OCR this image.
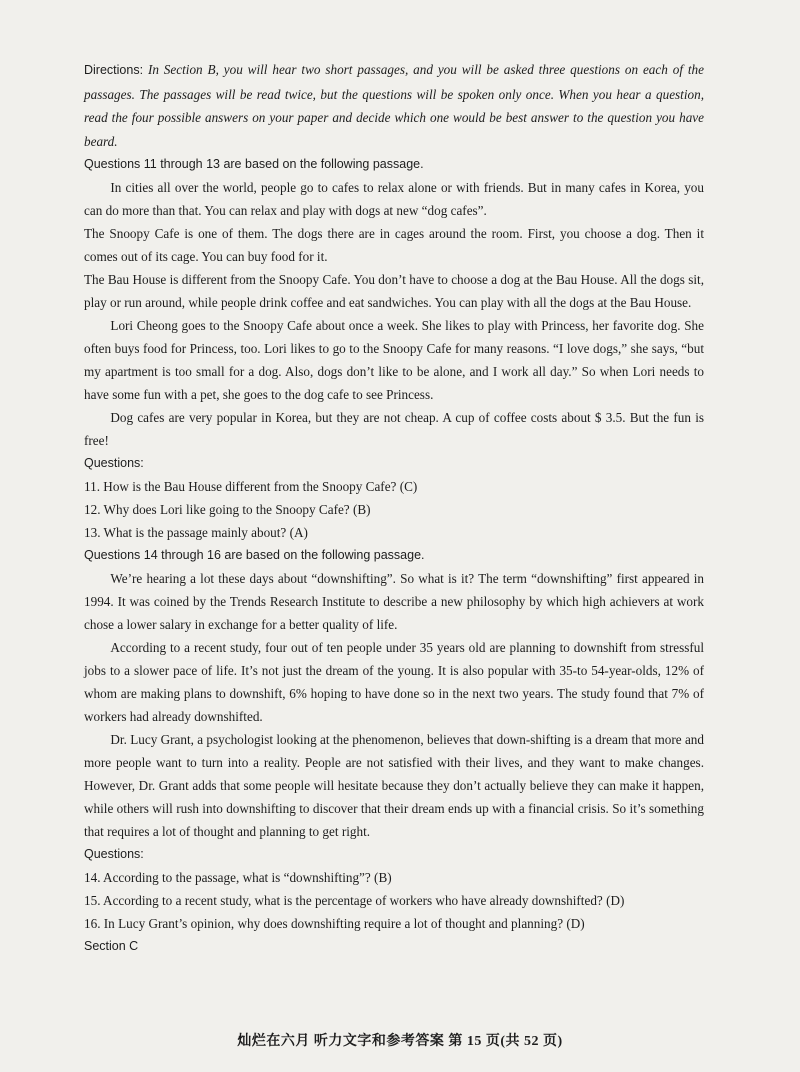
Directions: In Section B, you will hear two short passages, and you will be asked three questions on each of the passages. The passages will be read twice, but the questions will be spoken only once. When you hear a question, read the four possible answers on your paper and decide which one would be best answer to the question you have beard.

Questions 11 through 13 are based on the following passage.

In cities all over the world, people go to cafes to relax alone or with friends. But in many cafes in Korea, you can do more than that. You can relax and play with dogs at new “dog cafes”.

The Snoopy Cafe is one of them. The dogs there are in cages around the room. First, you choose a dog. Then it comes out of its cage. You can buy food for it.

The Bau House is different from the Snoopy Cafe. You don’t have to choose a dog at the Bau House. All the dogs sit, play or run around, while people drink coffee and eat sandwiches. You can play with all the dogs at the Bau House.

Lori Cheong goes to the Snoopy Cafe about once a week. She likes to play with Princess, her favorite dog. She often buys food for Princess, too. Lori likes to go to the Snoopy Cafe for many reasons. “I love dogs,” she says, “but my apartment is too small for a dog. Also, dogs don’t like to be alone, and I work all day.” So when Lori needs to have some fun with a pet, she goes to the dog cafe to see Princess.

Dog cafes are very popular in Korea, but they are not cheap. A cup of coffee costs about $ 3.5. But the fun is free!

Questions:
11. How is the Bau House different from the Snoopy Cafe? (C)
12. Why does Lori like going to the Snoopy Cafe? (B)
13. What is the passage mainly about? (A)
Questions 14 through 16 are based on the following passage.

We’re hearing a lot these days about “downshifting”. So what is it? The term “downshifting” first appeared in 1994. It was coined by the Trends Research Institute to describe a new philosophy by which high achievers at work chose a lower salary in exchange for a better quality of life.

According to a recent study, four out of ten people under 35 years old are planning to downshift from stressful jobs to a slower pace of life. It’s not just the dream of the young. It is also popular with 35-to 54-year-olds, 12% of whom are making plans to downshift, 6% hoping to have done so in the next two years. The study found that 7% of workers had already downshifted.

Dr. Lucy Grant, a psychologist looking at the phenomenon, believes that down-shifting is a dream that more and more people want to turn into a reality. People are not satisfied with their lives, and they want to make changes. However, Dr. Grant adds that some people will hesitate because they don’t actually believe they can make it happen, while others will rush into downshifting to discover that their dream ends up with a financial crisis. So it’s something that requires a lot of thought and planning to get right.

Questions:
14. According to the passage, what is “downshifting”? (B)
15. According to a recent study, what is the percentage of workers who have already downshifted? (D)
16. In Lucy Grant’s opinion, why does downshifting require a lot of thought and planning? (D)
Section C
灿烂在六月 听力文字和参考答案 第 15 页(共 52 页)
